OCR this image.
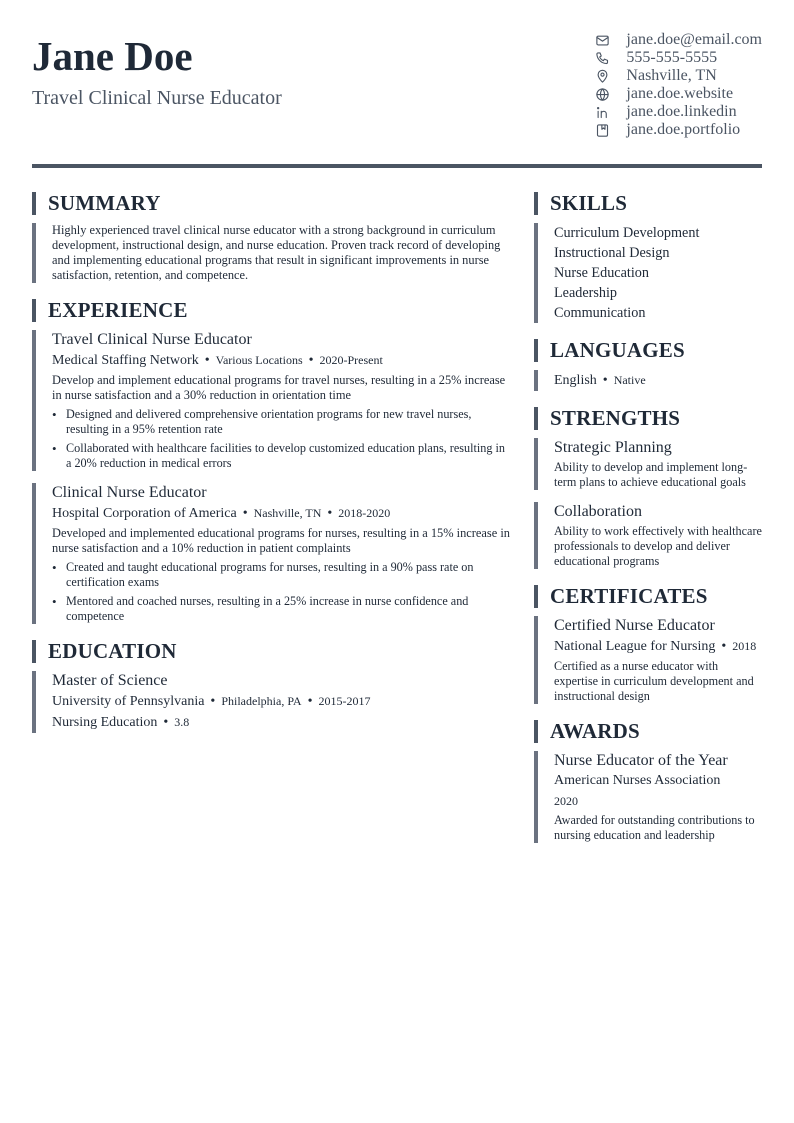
Jane Doe
Travel Clinical Nurse Educator
jane.doe@email.com
555-555-5555
Nashville, TN
jane.doe.website
jane.doe.linkedin
jane.doe.portfolio
SUMMARY

Highly experienced travel clinical nurse educator with a strong background in curriculum development, instructional design, and nurse education. Proven track record of developing and implementing educational programs that result in significant improvements in nurse satisfaction, retention, and competence.

EXPERIENCE
Travel Clinical Nurse Educator
Medical Staffing Network • Various Locations • 2020-Present
Develop and implement educational programs for travel nurses, resulting in a 25% increase in nurse satisfaction and a 30% reduction in orientation time
• Designed and delivered comprehensive orientation programs for new travel nurses, resulting in a 95% retention rate
• Collaborated with healthcare facilities to develop customized education plans, resulting in a 20% reduction in medical errors
Clinical Nurse Educator
Hospital Corporation of America • Nashville, TN • 2018-2020
Developed and implemented educational programs for nurses, resulting in a 15% increase in nurse satisfaction and a 10% reduction in patient complaints
• Created and taught educational programs for nurses, resulting in a 90% pass rate on certification exams
• Mentored and coached nurses, resulting in a 25% increase in nurse confidence and competence
EDUCATION
Master of Science
University of Pennsylvania • Philadelphia, PA • 2015-2017
Nursing Education • 3.8
SKILLS
Curriculum Development
Instructional Design
Nurse Education
Leadership
Communication
LANGUAGES
English • Native
STRENGTHS
Strategic Planning
Ability to develop and implement long-term plans to achieve educational goals
Collaboration
Ability to work effectively with healthcare professionals to develop and deliver educational programs
CERTIFICATES
Certified Nurse Educator
National League for Nursing • 2018
Certified as a nurse educator with expertise in curriculum development and instructional design
AWARDS
Nurse Educator of the Year
American Nurses Association
2020
Awarded for outstanding contributions to nursing education and leadership
